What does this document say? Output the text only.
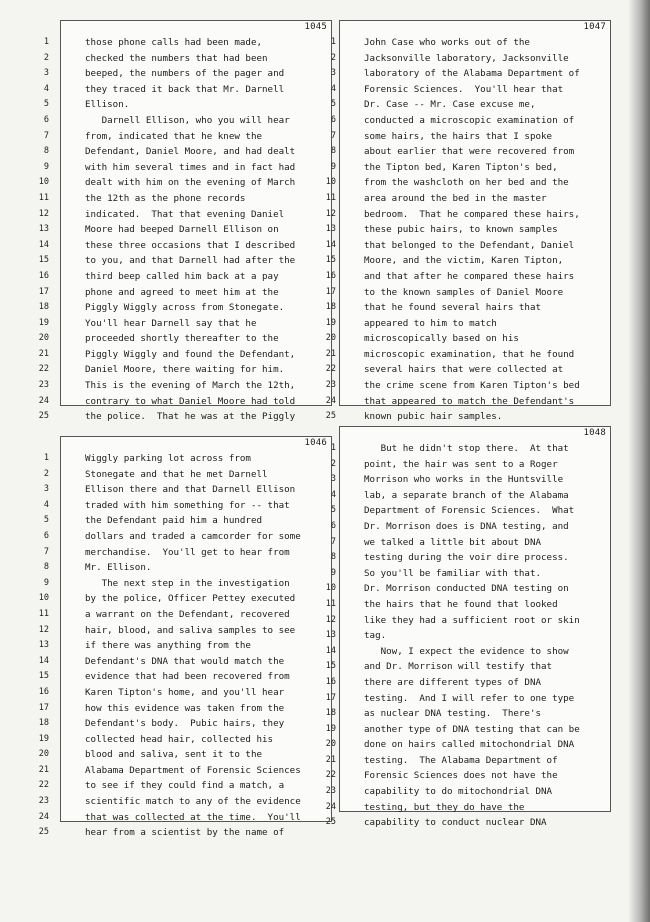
1045
1	those phone calls had been made,
2	checked the numbers that had been
3	beeped, the numbers of the pager and
4	they traced it back that Mr. Darnell
5	Ellison.
6	Darnell Ellison, who you will hear
7	from, indicated that he knew the
8	Defendant, Daniel Moore, and had dealt
9	with him several times and in fact had
10	dealt with him on the evening of March
11	the 12th as the phone records
12	indicated.  That that evening Daniel
13	Moore had beeped Darnell Ellison on
14	these three occasions that I described
15	to you, and that Darnell had after the
16	third beep called him back at a pay
17	phone and agreed to meet him at the
18	Piggly Wiggly across from Stonegate.
19	You'll hear Darnell say that he
20	proceeded shortly thereafter to the
21	Piggly Wiggly and found the Defendant,
22	Daniel Moore, there waiting for him.
23	This is the evening of March the 12th,
24	contrary to what Daniel Moore had told
25	the police.  That he was at the Piggly
1047
1	John Case who works out of the
2	Jacksonville laboratory, Jacksonville
3	laboratory of the Alabama Department of
4	Forensic Sciences.  You'll hear that
5	Dr. Case -- Mr. Case excuse me,
6	conducted a microscopic examination of
7	some hairs, the hairs that I spoke
8	about earlier that were recovered from
9	the Tipton bed, Karen Tipton's bed,
10	from the washcloth on her bed and the
11	area around the bed in the master
12	bedroom.  That he compared these hairs,
13	these pubic hairs, to known samples
14	that belonged to the Defendant, Daniel
15	Moore, and the victim, Karen Tipton,
16	and that after he compared these hairs
17	to the known samples of Daniel Moore
18	that he found several hairs that
19	appeared to him to match
20	microscopically based on his
21	microscopic examination, that he found
22	several hairs that were collected at
23	the crime scene from Karen Tipton's bed
24	that appeared to match the Defendant's
25	known pubic hair samples.
1046
1	Wiggly parking lot across from
2	Stonegate and that he met Darnell
3	Ellison there and that Darnell Ellison
4	traded with him something for -- that
5	the Defendant paid him a hundred
6	dollars and traded a camcorder for some
7	merchandise.  You'll get to hear from
8	Mr. Ellison.
9	The next step in the investigation
10	by the police, Officer Pettey executed
11	a warrant on the Defendant, recovered
12	hair, blood, and saliva samples to see
13	if there was anything from the
14	Defendant's DNA that would match the
15	evidence that had been recovered from
16	Karen Tipton's home, and you'll hear
17	how this evidence was taken from the
18	Defendant's body.  Pubic hairs, they
19	collected head hair, collected his
20	blood and saliva, sent it to the
21	Alabama Department of Forensic Sciences
22	to see if they could find a match, a
23	scientific match to any of the evidence
24	that was collected at the time.  You'll
25	hear from a scientist by the name of
1048
1	But he didn't stop there.  At that
2	point, the hair was sent to a Roger
3	Morrison who works in the Huntsville
4	lab, a separate branch of the Alabama
5	Department of Forensic Sciences.  What
6	Dr. Morrison does is DNA testing, and
7	we talked a little bit about DNA
8	testing during the voir dire process.
9	So you'll be familiar with that.
10	Dr. Morrison conducted DNA testing on
11	the hairs that he found that looked
12	like they had a sufficient root or skin
13	tag.
14	Now, I expect the evidence to show
15	and Dr. Morrison will testify that
16	there are different types of DNA
17	testing.  And I will refer to one type
18	as nuclear DNA testing.  There's
19	another type of DNA testing that can be
20	done on hairs called mitochondrial DNA
21	testing.  The Alabama Department of
22	Forensic Sciences does not have the
23	capability to do mitochondrial DNA
24	testing, but they do have the
25	capability to conduct nuclear DNA
